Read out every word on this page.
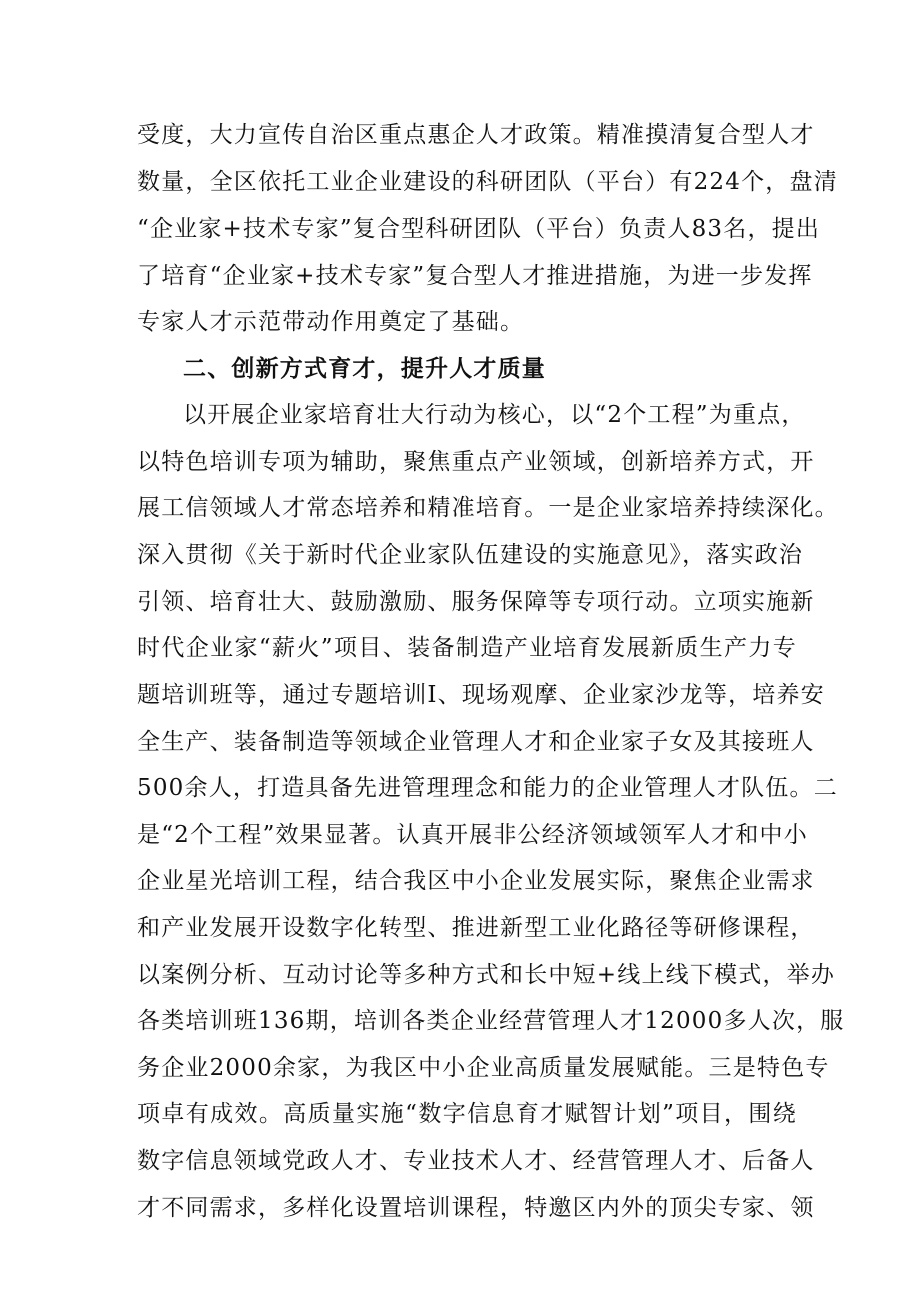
受度，大力宣传自治区重点惠企人才政策。精准摸清复合型人才
数量，全区依托工业企业建设的科研团队（平台）有224个，盘清
“企业家+技术专家”复合型科研团队（平台）负责人83名，提出
了培育“企业家+技术专家”复合型人才推进措施，为进一步发挥
专家人才示范带动作用奠定了基础。
二、创新方式育才，提升人才质量
以开展企业家培育壮大行动为核心，以“2个工程”为重点，
以特色培训专项为辅助，聚焦重点产业领域，创新培养方式，开
展工信领域人才常态培养和精准培育。一是企业家培养持续深化。
深入贯彻《关于新时代企业家队伍建设的实施意见》，落实政治
引领、培育壮大、鼓励激励、服务保障等专项行动。立项实施新
时代企业家“薪火”项目、装备制造产业培育发展新质生产力专
题培训班等，通过专题培训I、现场观摩、企业家沙龙等，培养安
全生产、装备制造等领域企业管理人才和企业家子女及其接班人
500余人，打造具备先进管理理念和能力的企业管理人才队伍。二
是“2个工程”效果显著。认真开展非公经济领域领军人才和中小
企业星光培训工程，结合我区中小企业发展实际，聚焦企业需求
和产业发展开设数字化转型、推进新型工业化路径等研修课程，
以案例分析、互动讨论等多种方式和长中短+线上线下模式，举办
各类培训班136期，培训各类企业经营管理人才12000多人次，服
务企业2000余家，为我区中小企业高质量发展赋能。三是特色专
项卓有成效。高质量实施“数字信息育才赋智计划”项目，围绕
数字信息领域党政人才、专业技术人才、经营管理人才、后备人
才不同需求，多样化设置培训课程，特邀区内外的顶尖专家、领
